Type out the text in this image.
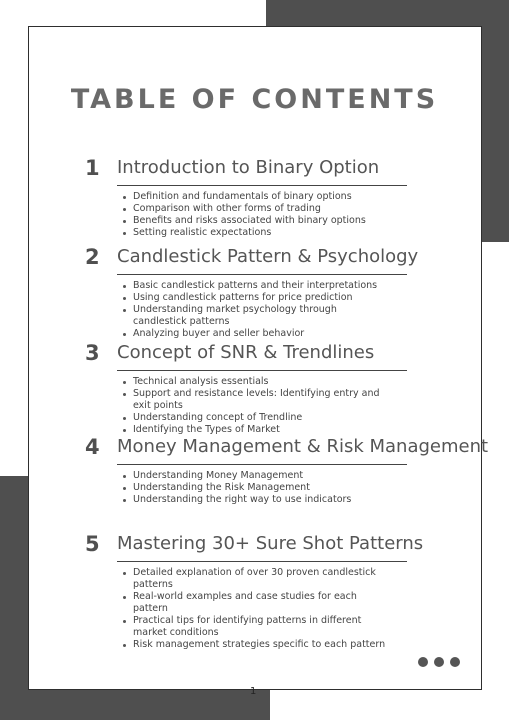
TABLE OF CONTENTS
1 Introduction to Binary Option
Definition and fundamentals of binary options
Comparison with other forms of trading
Benefits and risks associated with binary options
Setting realistic expectations
2 Candlestick Pattern & Psychology
Basic candlestick patterns and their interpretations
Using candlestick patterns for price prediction
Understanding market psychology through candlestick patterns
Analyzing buyer and seller behavior
3 Concept of SNR & Trendlines
Technical analysis essentials
Support and resistance levels: Identifying entry and exit points
Understanding concept of Trendline
Identifying the Types of Market
4 Money Management & Risk Management
Understanding Money Management
Understanding the Risk Management
Understanding the right way to use indicators
5 Mastering 30+ Sure Shot Patterns
Detailed explanation of over 30 proven candlestick patterns
Real-world examples and case studies for each pattern
Practical tips for identifying patterns in different market conditions
Risk management strategies specific to each pattern
1
